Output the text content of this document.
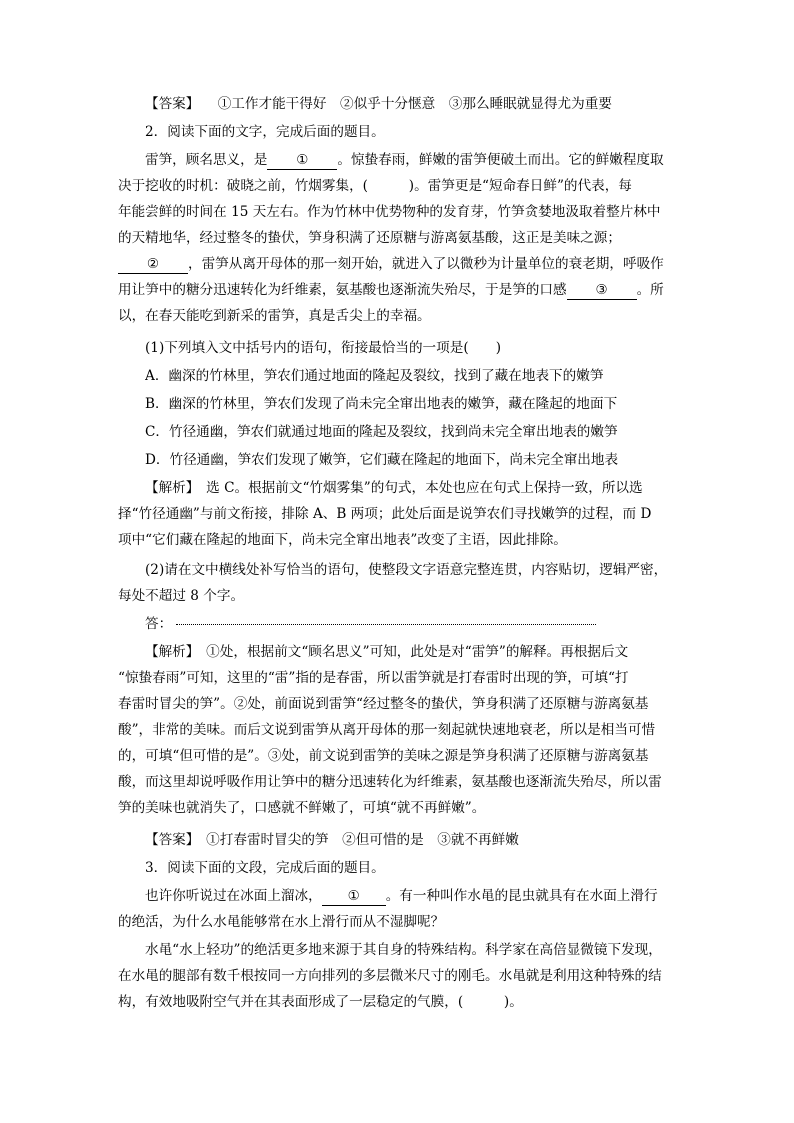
【答案】 ①工作才能干得好　②似乎十分惬意　③那么睡眠就显得尤为重要
2．阅读下面的文字，完成后面的题目。
雷笋，顾名思义，是 ① 。惊蛰春雨，鲜嫩的雷笋便破土而出。它的鲜嫩程度取
决于挖收的时机：破晓之前，竹烟雾集，(　　　)。雷笋更是“短命春日鲜”的代表，每
年能尝鲜的时间在 15 天左右。作为竹林中优势物种的发育芽，竹笋贪婪地汲取着整片林中
的天精地华，经过整冬的蛰伏，笋身积满了还原糖与游离氨基酸，这正是美味之源；
② ，雷笋从离开母体的那一刻开始，就进入了以微秒为计量单位的衰老期，呼吸作
用让笋中的糖分迅速转化为纤维素，氨基酸也逐渐流失殆尽，于是笋的口感 ③ 。所
以，在春天能吃到新采的雷笋，真是舌尖上的幸福。
(1)下列填入文中括号内的语句，衔接最恰当的一项是(　　)
A．幽深的竹林里，笋农们通过地面的隆起及裂纹，找到了藏在地表下的嫩笋
B．幽深的竹林里，笋农们发现了尚未完全窜出地表的嫩笋，藏在隆起的地面下
C．竹径通幽，笋农们就通过地面的隆起及裂纹，找到尚未完全窜出地表的嫩笋
D．竹径通幽，笋农们发现了嫩笋，它们藏在隆起的地面下，尚未完全窜出地表
【解析】　选 C。根据前文“竹烟雾集”的句式，本处也应在句式上保持一致，所以选
择“竹径通幽”与前文衔接，排除 A、B 两项；此处后面是说笋农们寻找嫩笋的过程，而 D
项中“它们藏在隆起的地面下，尚未完全窜出地表”改变了主语，因此排除。
(2)请在文中横线处补写恰当的语句，使整段文字语意完整连贯，内容贴切，逻辑严密，
每处不超过 8 个字。
答：
【解析】　①处，根据前文“顾名思义”可知，此处是对“雷笋”的解释。再根据后文
“惊蛰春雨”可知，这里的“雷”指的是春雷，所以雷笋就是打春雷时出现的笋，可填“打
春雷时冒尖的笋”。②处，前面说到雷笋“经过整冬的蛰伏，笋身积满了还原糖与游离氨基
酸”，非常的美味。而后文说到雷笋从离开母体的那一刻起就快速地衰老，所以是相当可惜
的，可填“但可惜的是”。③处，前文说到雷笋的美味之源是笋身积满了还原糖与游离氨基
酸，而这里却说呼吸作用让笋中的糖分迅速转化为纤维素，氨基酸也逐渐流失殆尽，所以雷
笋的美味也就消失了，口感就不鲜嫩了，可填“就不再鲜嫩”。
【答案】　①打春雷时冒尖的笋　②但可惜的是　③就不再鲜嫩
3．阅读下面的文段，完成后面的题目。
也许你听说过在冰面上溜冰， ① 。有一种叫作水黾的昆虫就具有在水面上滑行
的绝活，为什么水黾能够常在水上滑行而从不湿脚呢？
水黾“水上轻功”的绝活更多地来源于其自身的特殊结构。科学家在高倍显微镜下发现，
在水黾的腿部有数千根按同一方向排列的多层微米尺寸的刚毛。水黾就是利用这种特殊的结
构，有效地吸附空气并在其表面形成了一层稳定的气膜，(　　　)。
